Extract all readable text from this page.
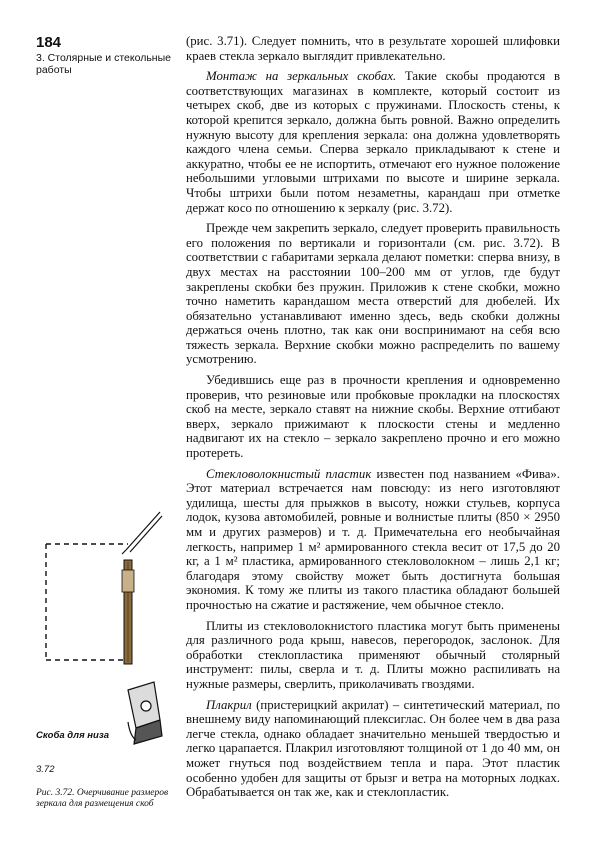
184
3. Столярные и стекольные работы

(рис. 3.71). Следует помнить, что в результате хорошей шлифовки краев стекла зеркало выглядит привлекательно.

Монтаж на зеркальных скобах. Такие скобы продаются в соответствующих магазинах в комплекте, который состоит из четырех скоб, две из которых с пружинами. Плоскость стены, к которой крепится зеркало, должна быть ровной. Важно определить нужную высоту для крепления зеркала: она должна удовлетворять каждого члена семьи. Сперва зеркало прикладывают к стене и аккуратно, чтобы ее не испортить, отмечают его нужное положение небольшими угловыми штрихами по высоте и ширине зеркала. Чтобы штрихи были потом незаметны, карандаш при отметке держат косо по отношению к зеркалу (рис. 3.72).

Прежде чем закрепить зеркало, следует проверить правильность его положения по вертикали и горизонтали (см. рис. 3.72). В соответствии с габаритами зеркала делают пометки: сперва внизу, в двух местах на расстоянии 100–200 мм от углов, где будут закреплены скобки без пружин. Приложив к стене скобки, можно точно наметить карандашом места отверстий для дюбелей. Их обязательно устанавливают именно здесь, ведь скобки должны держаться очень плотно, так как они воспринимают на себя всю тяжесть зеркала. Верхние скобки можно распределить по вашему усмотрению.

Убедившись еще раз в прочности крепления и одновременно проверив, что резиновые или пробковые прокладки на плоскостях скоб на месте, зеркало ставят на нижние скобы. Верхние отгибают вверх, зеркало прижимают к плоскости стены и медленно надвигают их на стекло – зеркало закреплено прочно и его можно протереть.

Стекловолокнистый пластик известен под названием «Фива». Этот материал встречается нам повсюду: из него изготовляют удилища, шесты для прыжков в высоту, ножки стульев, корпуса лодок, кузова автомобилей, ровные и волнистые плиты (850 × 2950 мм и других размеров) и т. д. Примечательна его необычайная легкость, например 1 м² армированного стекла весит от 17,5 до 20 кг, а 1 м² пластика, армированного стекловолокном – лишь 2,1 кг; благодаря этому свойству может быть достигнута большая экономия. К тому же плиты из такого пластика обладают большей прочностью на сжатие и растяжение, чем обычное стекло.

Плиты из стекловолокнистого пластика могут быть применены для различного рода крыш, навесов, перегородок, заслонок. Для обработки стеклопластика применяют обычный столярный инструмент: пилы, сверла и т. д. Плиты можно распиливать на нужные размеры, сверлить, приколачивать гвоздями.

Плакрил (пристерицкий акрилат) – синтетический материал, по внешнему виду напоминающий плексиглас. Он более чем в два раза легче стекла, однако обладает значительно меньшей твердостью и легко царапается. Плакрил изготовляют толщиной от 1 до 40 мм, он может гнуться под воздействием тепла и пара. Этот пластик особенно удобен для защиты от брызг и ветра на моторных лодках. Обрабатывается он так же, как и стеклопластик.

Скоба для низа
3.72
Рис. 3.72. Очерчивание размеров зеркала для размещения скоб
